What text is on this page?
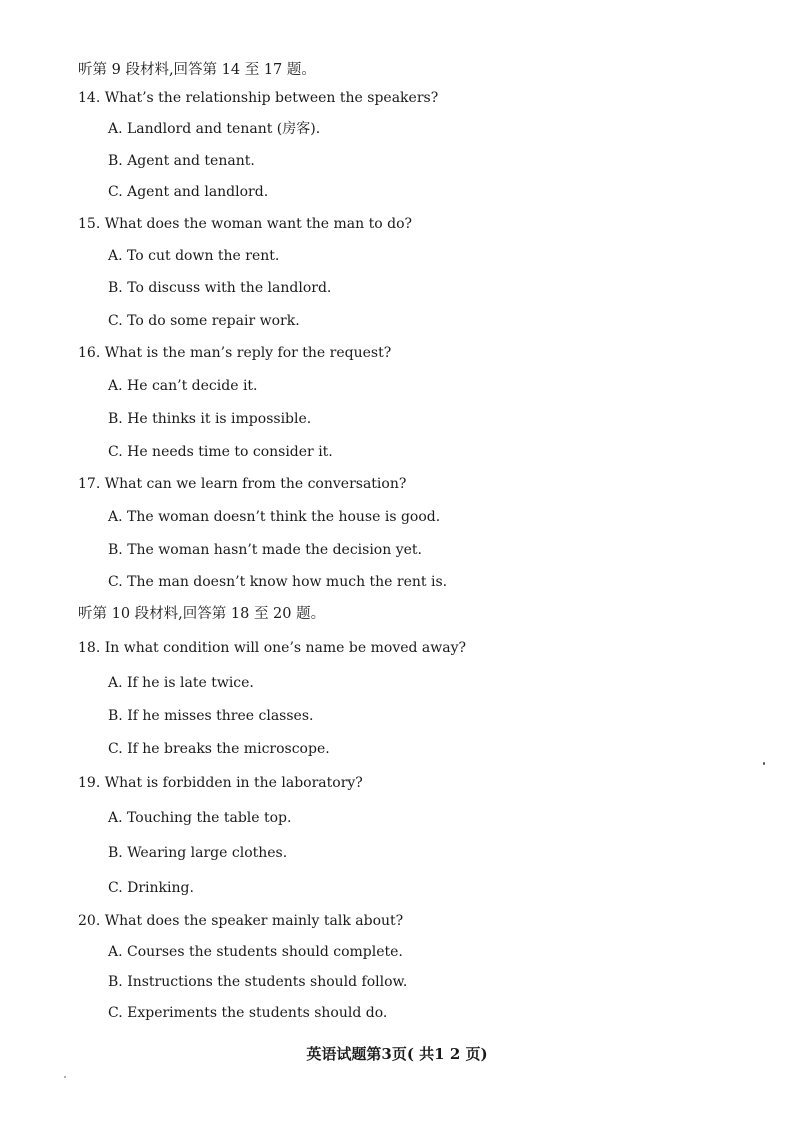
听第 9 段材料,回答第 14 至 17 题。
14. What’s the relationship between the speakers?
A. Landlord and tenant (房客).
B. Agent and tenant.
C. Agent and landlord.
15. What does the woman want the man to do?
A. To cut down the rent.
B. To discuss with the landlord.
C. To do some repair work.
16. What is the man’s reply for the request?
A. He can’t decide it.
B. He thinks it is impossible.
C. He needs time to consider it.
17. What can we learn from the conversation?
A. The woman doesn’t think the house is good.
B. The woman hasn’t made the decision yet.
C. The man doesn’t know how much the rent is.
听第 10 段材料,回答第 18 至 20 题。
18. In what condition will one’s name be moved away?
A. If he is late twice.
B. If he misses three classes.
C. If he breaks the microscope.
19. What is forbidden in the laboratory?
A. Touching the table top.
B. Wearing large clothes.
C. Drinking.
20. What does the speaker mainly talk about?
A. Courses the students should complete.
B. Instructions the students should follow.
C. Experiments the students should do.
英语试题第3页( 共1 2 页)
